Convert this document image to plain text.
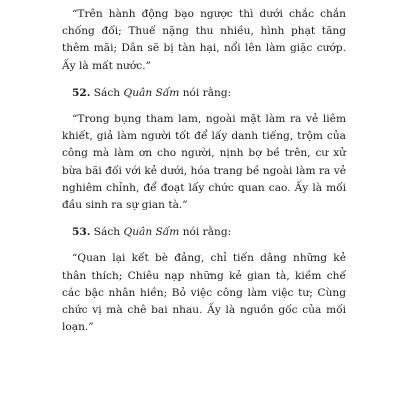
“Trên hành động bạo ngược thì dưới chắc chắn chống đối; Thuế nặng thu nhiều, hình phạt tăng thêm mãi; Dân sẽ bị tàn hại, nổi lên làm giặc cướp. Ấy là mất nước.”

52. Sách Quân Sấm nói rằng:

“Trong bụng tham lam, ngoài mặt làm ra vẻ liêm khiết, giả làm người tốt để lấy danh tiếng, trộm của công mà làm ơn cho người, nịnh bợ bề trên, cư xử bừa bãi đối với kẻ dưới, hóa trang bề ngoài làm ra vẻ nghiêm chỉnh, để đoạt lấy chức quan cao. Ấy là mối đầu sinh ra sự gian tà.”

53. Sách Quân Sấm nói rằng:

“Quan lại kết bè đảng, chỉ tiến dâng những kẻ thân thích; Chiêu nạp những kẻ gian tà, kiềm chế các bậc nhân hiền; Bỏ việc công làm việc tư; Cùng chức vị mà chê bai nhau. Ấy là nguồn gốc của mối loạn.”
